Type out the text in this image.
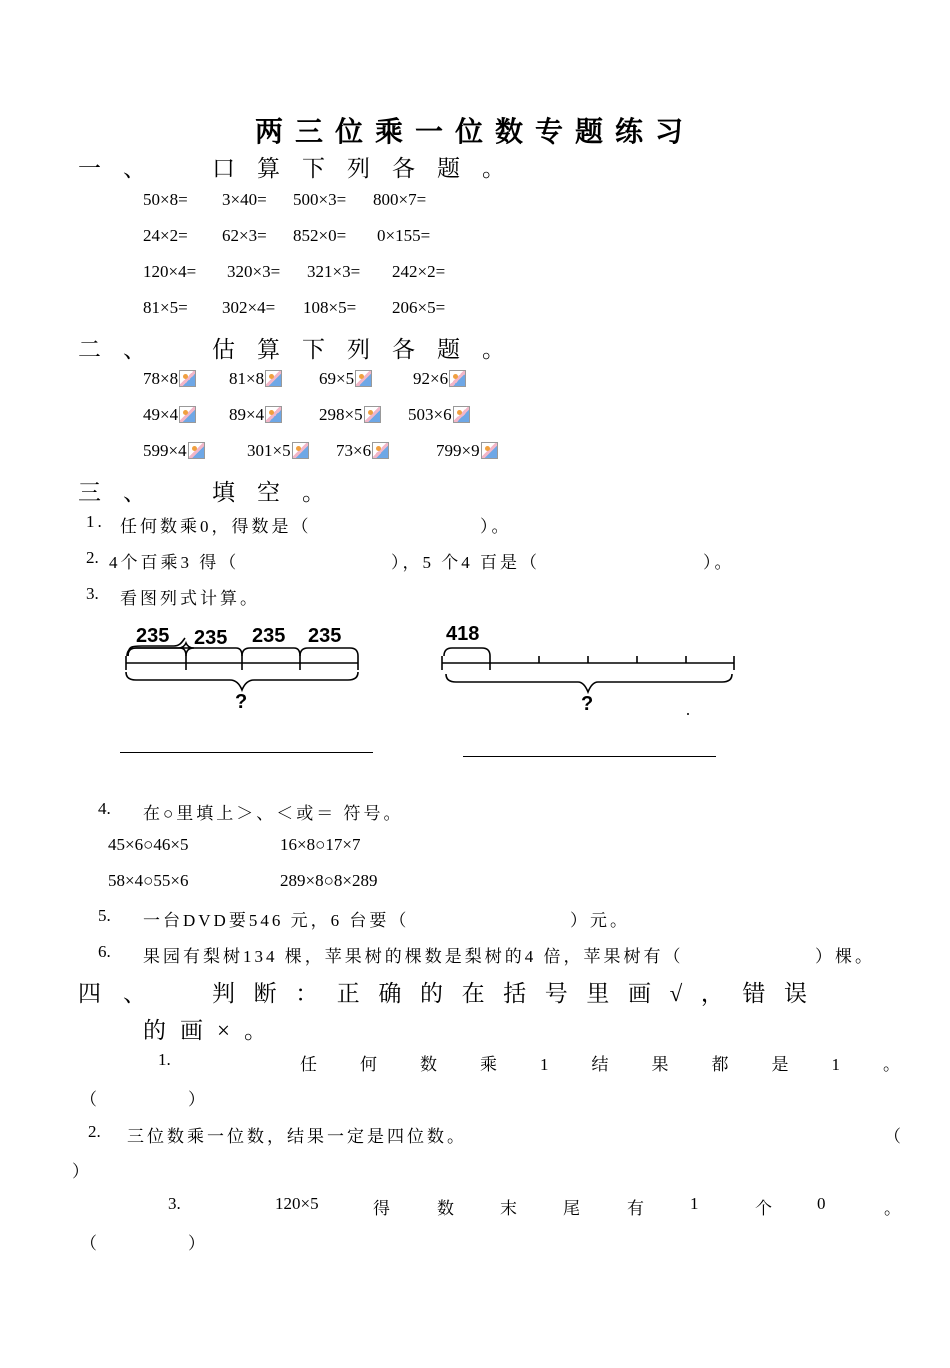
两三位乘一位数专题练习
一、 口算下列各题。
50×8= 3×40= 500×3= 800×7=
24×2= 62×3= 852×0= 0×155=
120×4= 320×3= 321×3= 242×2=
81×5= 302×4= 108×5= 206×5=
二、 估算下列各题。
78×8	81×8	69×5	92×6
49×4	89×4	298×5	503×6
599×4	301×5	73×6	799×9
三、 填空。
1. 任何数乘0，得数是（	）。
2. 4个百乘3 得（	），5 个4 百是（	）。
3. 看图列式计算。
235 235 235 235
?
418
?
4. 在○里填上＞、＜或＝ 符号。
45×6○46×5	16×8○17×7
58×4○55×6	289×8○8×289
5. 一台DVD要546 元，6 台要（	）元。
6. 果园有梨树134 棵，苹果树的棵数是梨树的4 倍，苹果树有（	）棵。
四、 判断：正确的在括号里画√，错误
的画×。
1.	任何数乘1结果都是1。
（	）
2. 三位数乘一位数，结果一定是四位数。	（
）
3.	120×5	得	数	末	尾	有	1	个	0	。
（	）
